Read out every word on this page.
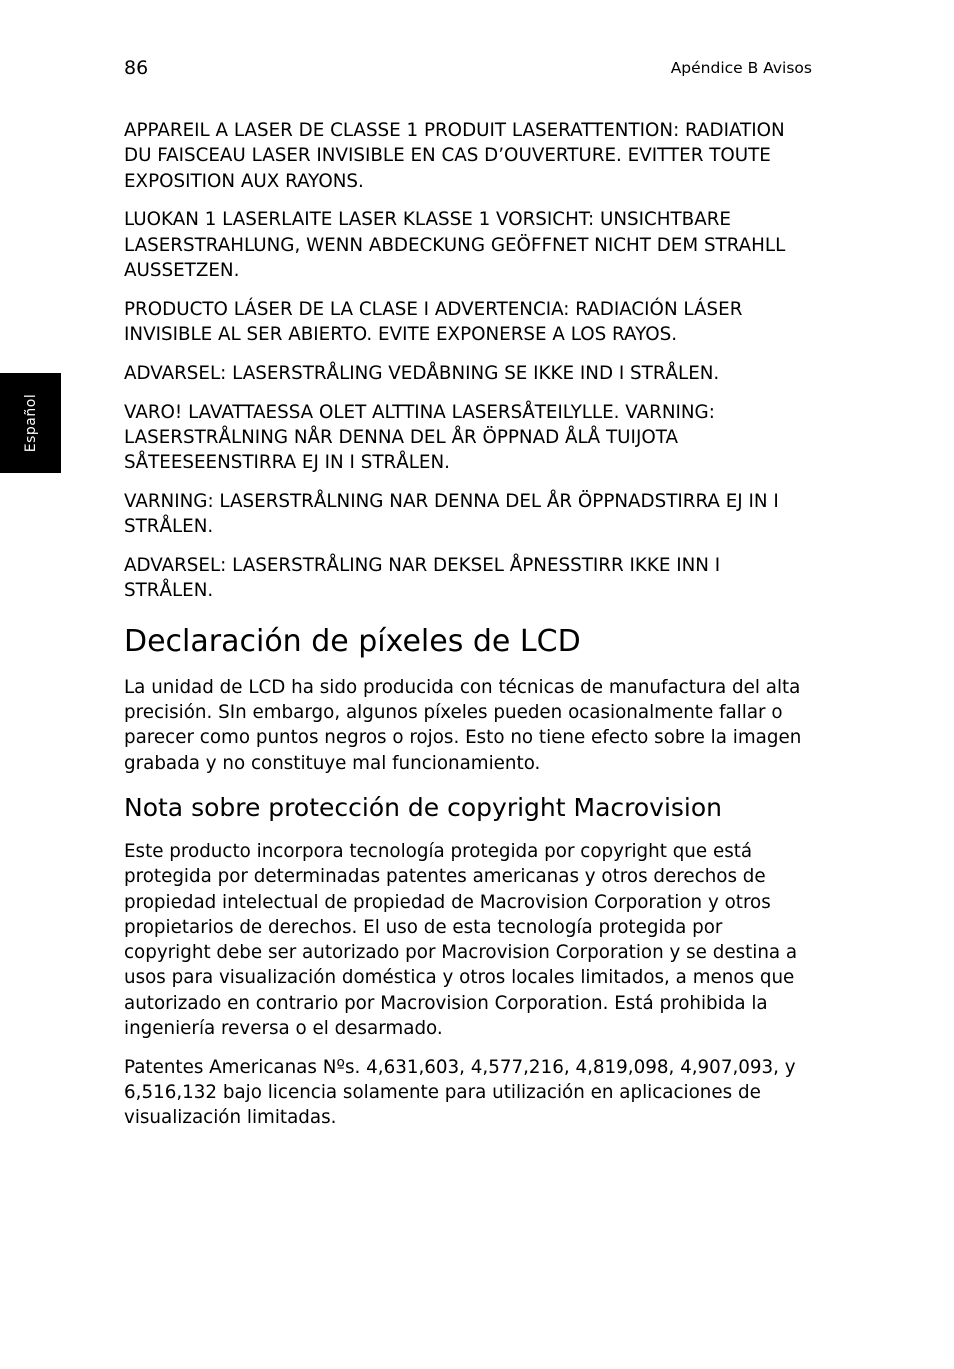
86	Apéndice B Avisos

Español

APPAREIL A LASER DE CLASSE 1 PRODUIT LASERATTENTION: RADIATION DU FAISCEAU LASER INVISIBLE EN CAS D’OUVERTURE. EVITTER TOUTE EXPOSITION AUX RAYONS.

LUOKAN 1 LASERLAITE LASER KLASSE 1 VORSICHT: UNSICHTBARE LASERSTRAHLUNG, WENN ABDECKUNG GEÖFFNET NICHT DEM STRAHLL AUSSETZEN.

PRODUCTO LÁSER DE LA CLASE I ADVERTENCIA: RADIACIÓN LÁSER INVISIBLE AL SER ABIERTO. EVITE EXPONERSE A LOS RAYOS.

ADVARSEL: LASERSTRÅLING VEDÅBNING SE IKKE IND I STRÅLEN.

VARO! LAVATTAESSA OLET ALTTINA LASERSÅTEILYLLE. VARNING: LASERSTRÅLNING NÅR DENNA DEL ÅR ÖPPNAD ÅLÅ TUIJOTA SÅTEESEENSTIRRA EJ IN I STRÅLEN.

VARNING: LASERSTRÅLNING NAR DENNA DEL ÅR ÖPPNADSTIRRA EJ IN I STRÅLEN.

ADVARSEL: LASERSTRÅLING NAR DEKSEL ÅPNESSTIRR IKKE INN I STRÅLEN.

Declaración de píxeles de LCD

La unidad de LCD ha sido producida con técnicas de manufactura del alta precisión. SIn embargo, algunos píxeles pueden ocasionalmente fallar o parecer como puntos negros o rojos. Esto no tiene efecto sobre la imagen grabada y no constituye mal funcionamiento.

Nota sobre protección de copyright Macrovision

Este producto incorpora tecnología protegida por copyright que está protegida por determinadas patentes americanas y otros derechos de propiedad intelectual de propiedad de Macrovision Corporation y otros propietarios de derechos. El uso de esta tecnología protegida por copyright debe ser autorizado por Macrovision Corporation y se destina a usos para visualización doméstica y otros locales limitados, a menos que autorizado en contrario por Macrovision Corporation. Está prohibida la ingeniería reversa o el desarmado.

Patentes Americanas Nºs. 4,631,603, 4,577,216, 4,819,098, 4,907,093, y 6,516,132 bajo licencia solamente para utilización en aplicaciones de visualización limitadas.
